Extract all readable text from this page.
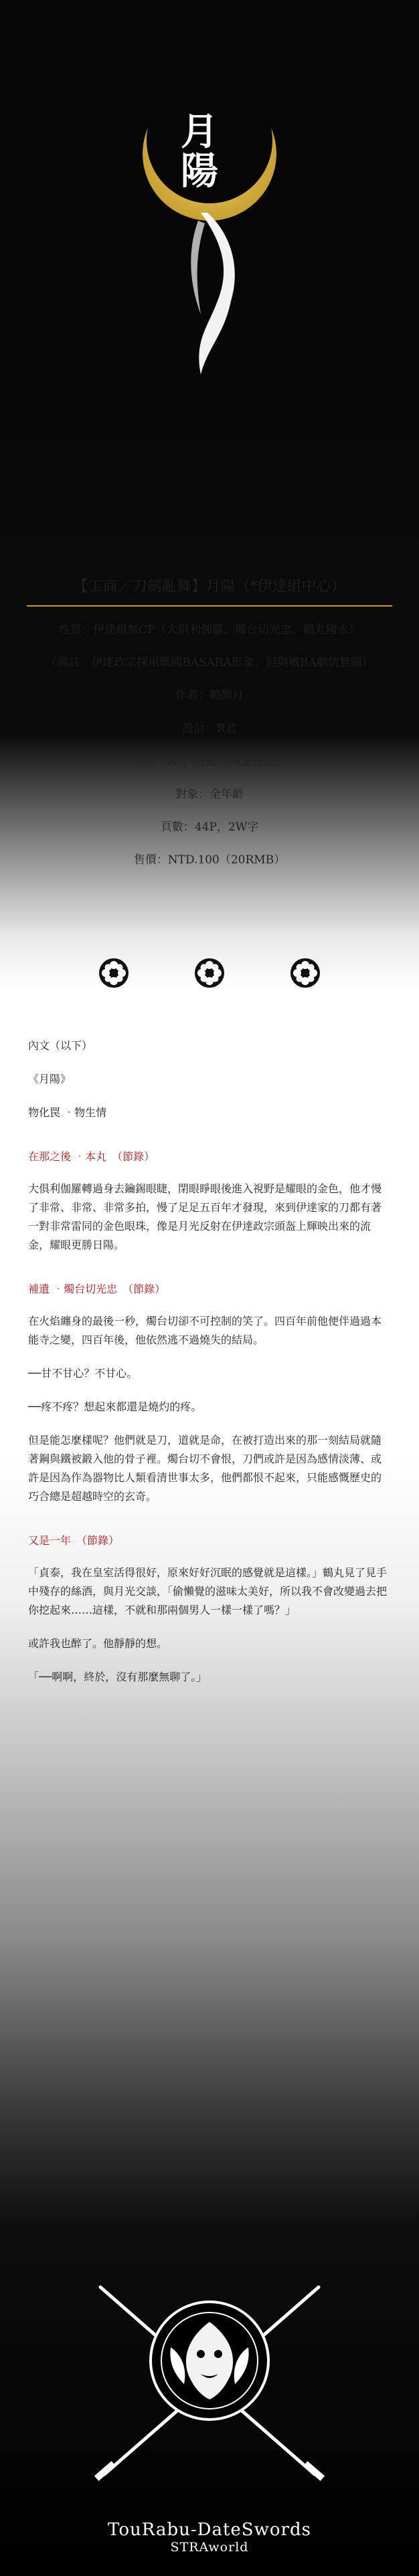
月陽
【工商／刀劍亂舞】月陽（*伊達組中心）
性質：伊達組無CP（大俱利伽羅、燭台切光忠、鶴丸國永）
（備註：伊達政宗採用戰國BASARA形象，但與戰BA劇情無關）
作者：鶴醉月
設計：R君
規格：A5，右翻（內文直式）
對象：全年齡
頁數：44P，2W字
售價：NTD.100（20RMB）

內文（以下）

《月陽》

物化罠 ‧物生情

在那之後 ‧本丸　（節錄）

大俱利伽羅轉過身去鑰錫眼睫，閉眼睜眼後進入視野是耀眼的金色，他才慢了非常、非常、非常多拍，慢了足足五百年才發現，來到伊達家的刀都有著一對非常雷同的金色眼珠，像是月光反射在伊達政宗頭盔上輝映出來的流金，耀眼更勝日陽。

補遺 ‧燭台切光忠　（節錄）

在火焰纏身的最後一秒，燭台切卻不可控制的笑了。四百年前他便伴過過本能寺之變，四百年後，他依然逃不過燒失的結局。

──甘不甘心？不甘心。

──疼不疼？想起來都還是燒灼的疼。

但是能怎麼樣呢？他們就是刀，道就是命，在被打造出來的那一刻結局就隨著鋼與鐵被鍛入他的骨子裡。燭台切不會恨，刀們或許是因為感情淡薄、或許是因為作為器物比人類看清世事太多，他們都恨不起來，只能感慨歷史的巧合總是超越時空的玄奇。

又是一年　（節錄）

「貞泰，我在皇室活得很好，原來好好沉眠的感覺就是這樣。」鶴丸見了見手中殘存的絲酒，與月光交談，「偷懶覺的滋味太美好，所以我不會改變過去把你挖起來……這樣，不就和那兩個男人一樣一樣了嗎？」

或許我也醉了。他靜靜的想。

「──啊啊，終於，沒有那麼無聊了。」

TouRabu-DateSwords
STRAworld
